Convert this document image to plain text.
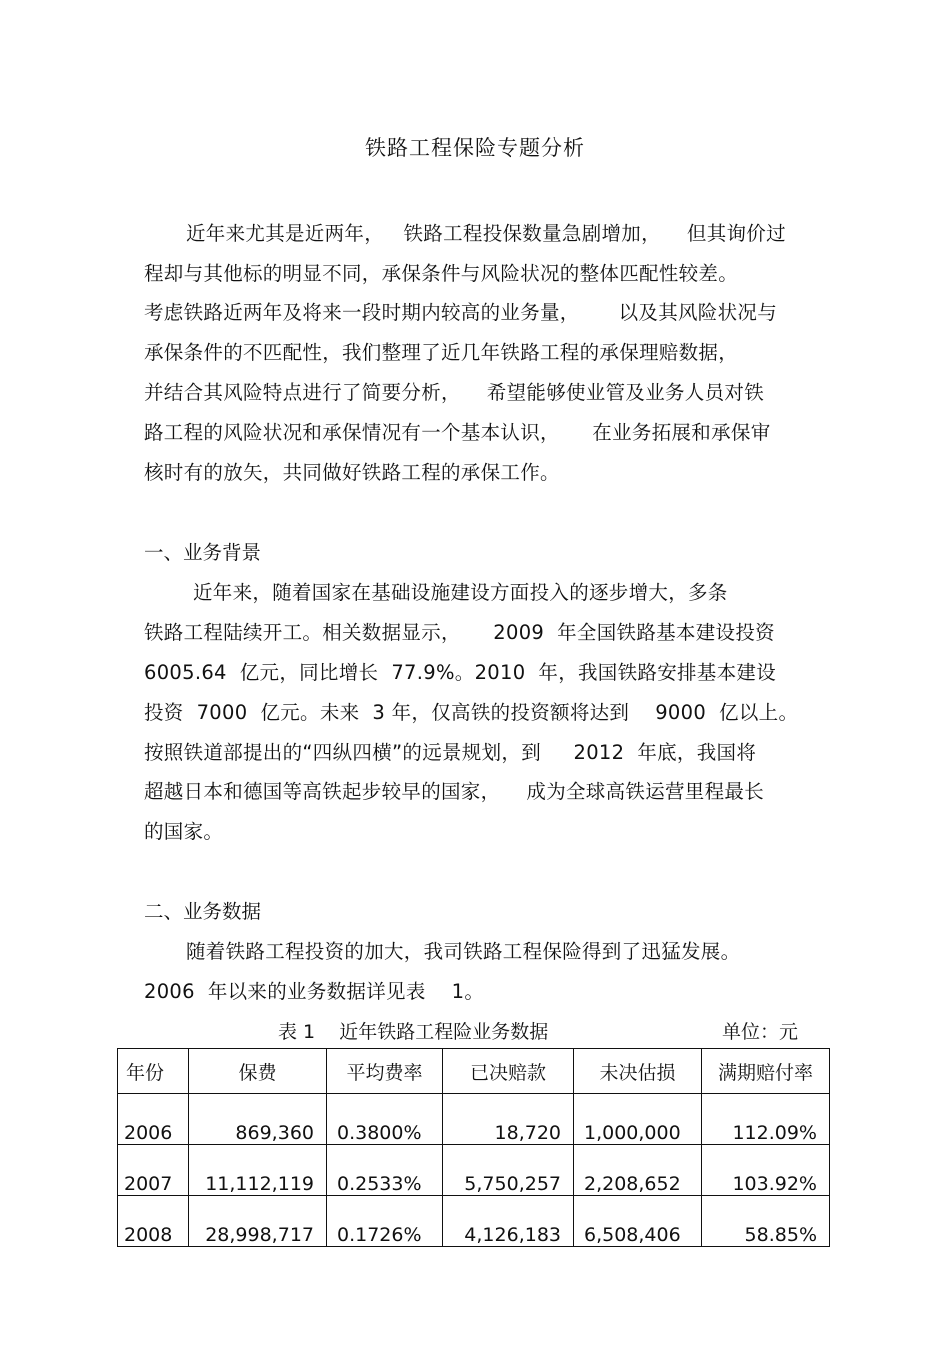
铁路工程保险专题分析
近年来尤其是近两年，   铁路工程投保数量急剧增加，    但其询价过
程却与其他标的明显不同，承保条件与风险状况的整体匹配性较差。
考虑铁路近两年及将来一段时期内较高的业务量，      以及其风险状况与
承保条件的不匹配性，我们整理了近几年铁路工程的承保理赔数据，
并结合其风险特点进行了简要分析，    希望能够使业管及业务人员对铁
路工程的风险状况和承保情况有一个基本认识，     在业务拓展和承保审
核时有的放矢，共同做好铁路工程的承保工作。
一、业务背景
近年来，随着国家在基础设施建设方面投入的逐步增大，多条
铁路工程陆续开工。相关数据显示，     2009  年全国铁路基本建设投资
6005.64  亿元，同比增长  77.9%。2010  年，我国铁路安排基本建设
投资  7000  亿元。未来  3 年，仅高铁的投资额将达到    9000  亿以上。
按照铁道部提出的“四纵四横”的远景规划，到     2012  年底，我国将
超越日本和德国等高铁起步较早的国家，    成为全球高铁运营里程最长
的国家。
二、业务数据
随着铁路工程投资的加大，我司铁路工程保险得到了迅猛发展。
2006  年以来的业务数据详见表    1。
表 1    近年铁路工程险业务数据	单位：元
年份	保费	平均费率	已决赔款	未决估损	满期赔付率
2006	869,360	0.3800%	18,720	1,000,000	112.09%
2007	11,112,119	0.2533%	5,750,257	2,208,652	103.92%
2008	28,998,717	0.1726%	4,126,183	6,508,406	58.85%
